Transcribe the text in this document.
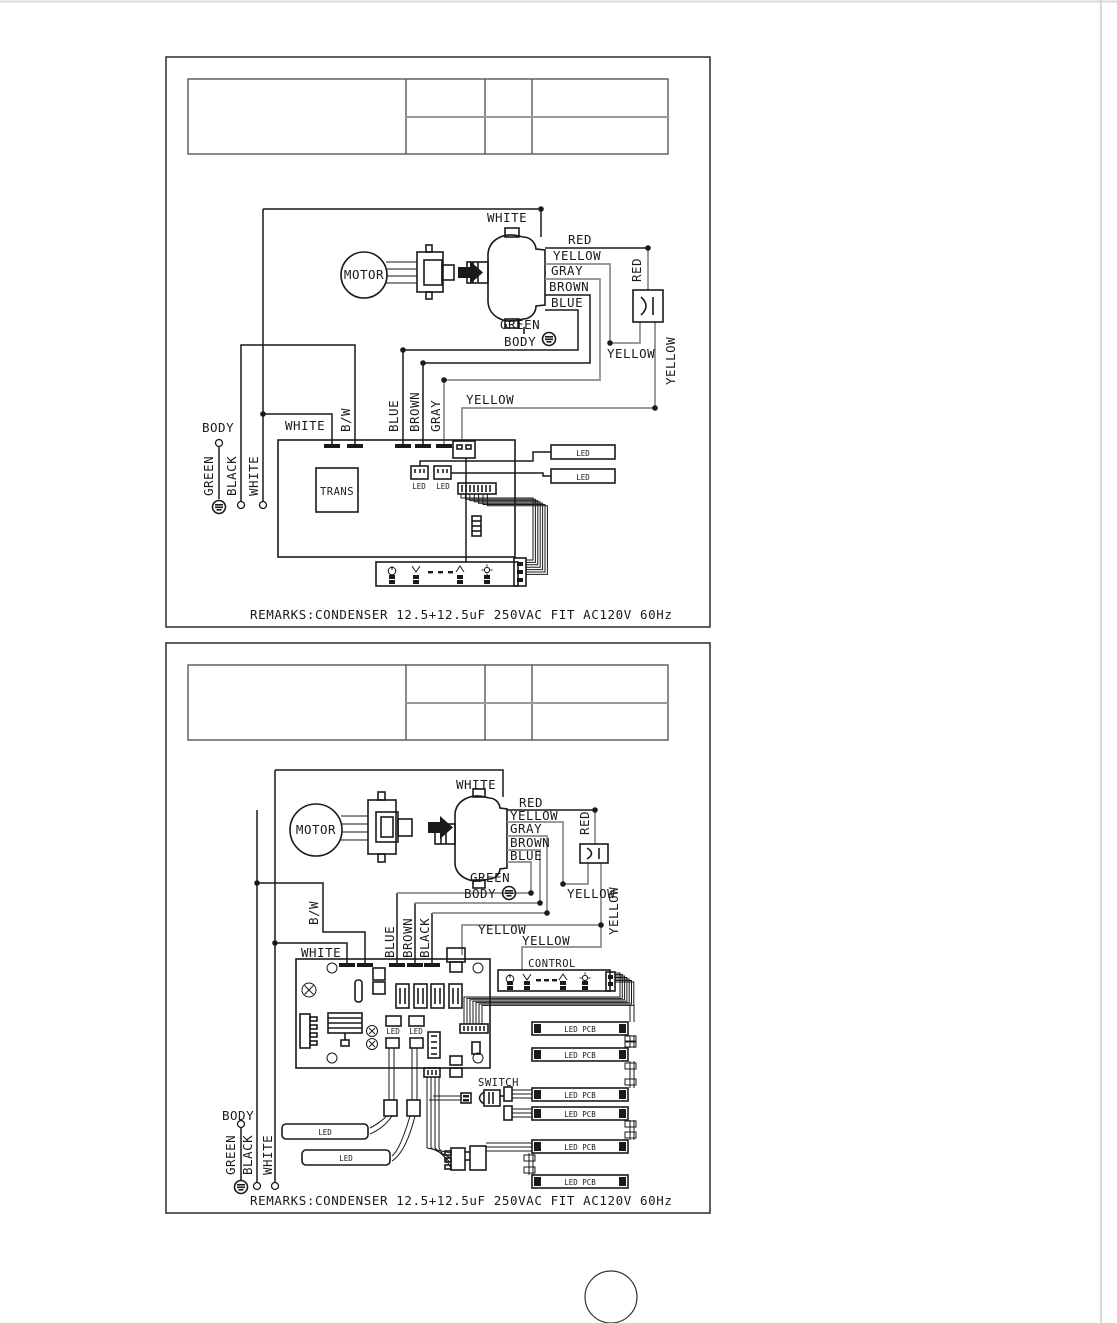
MOTOR
TRANS	LED LED
LED
LED
WHITE
RED
YELLOW
GRAY
BROWN
BLUE
GREEN
BODY
RED
YELLOW YELLOW
YELLOW
B/W	BLUE BROWN GRAY
WHITE
BODY
GREEN BLACK WHITE
REMARKS:CONDENSER 12.5+12.5uF 250VAC FIT AC120V 60Hz
MOTOR
LED LED
CONTROL
SWITCH
LED PCB
LED PCB
LED PCB
LED PCB
LED PCB
LED PCB
LED
LED
WHITE
RED
YELLOW
GRAY
BROWN
BLUE
GREEN
BODY
RED
YELLOW
YELLOW
YELLOW
YELLOW
B/W
WHITE	BLUE BROWN BLACK
BODY
GREEN BLACK WHITE
REMARKS:CONDENSER 12.5+12.5uF 250VAC FIT AC120V 60Hz
